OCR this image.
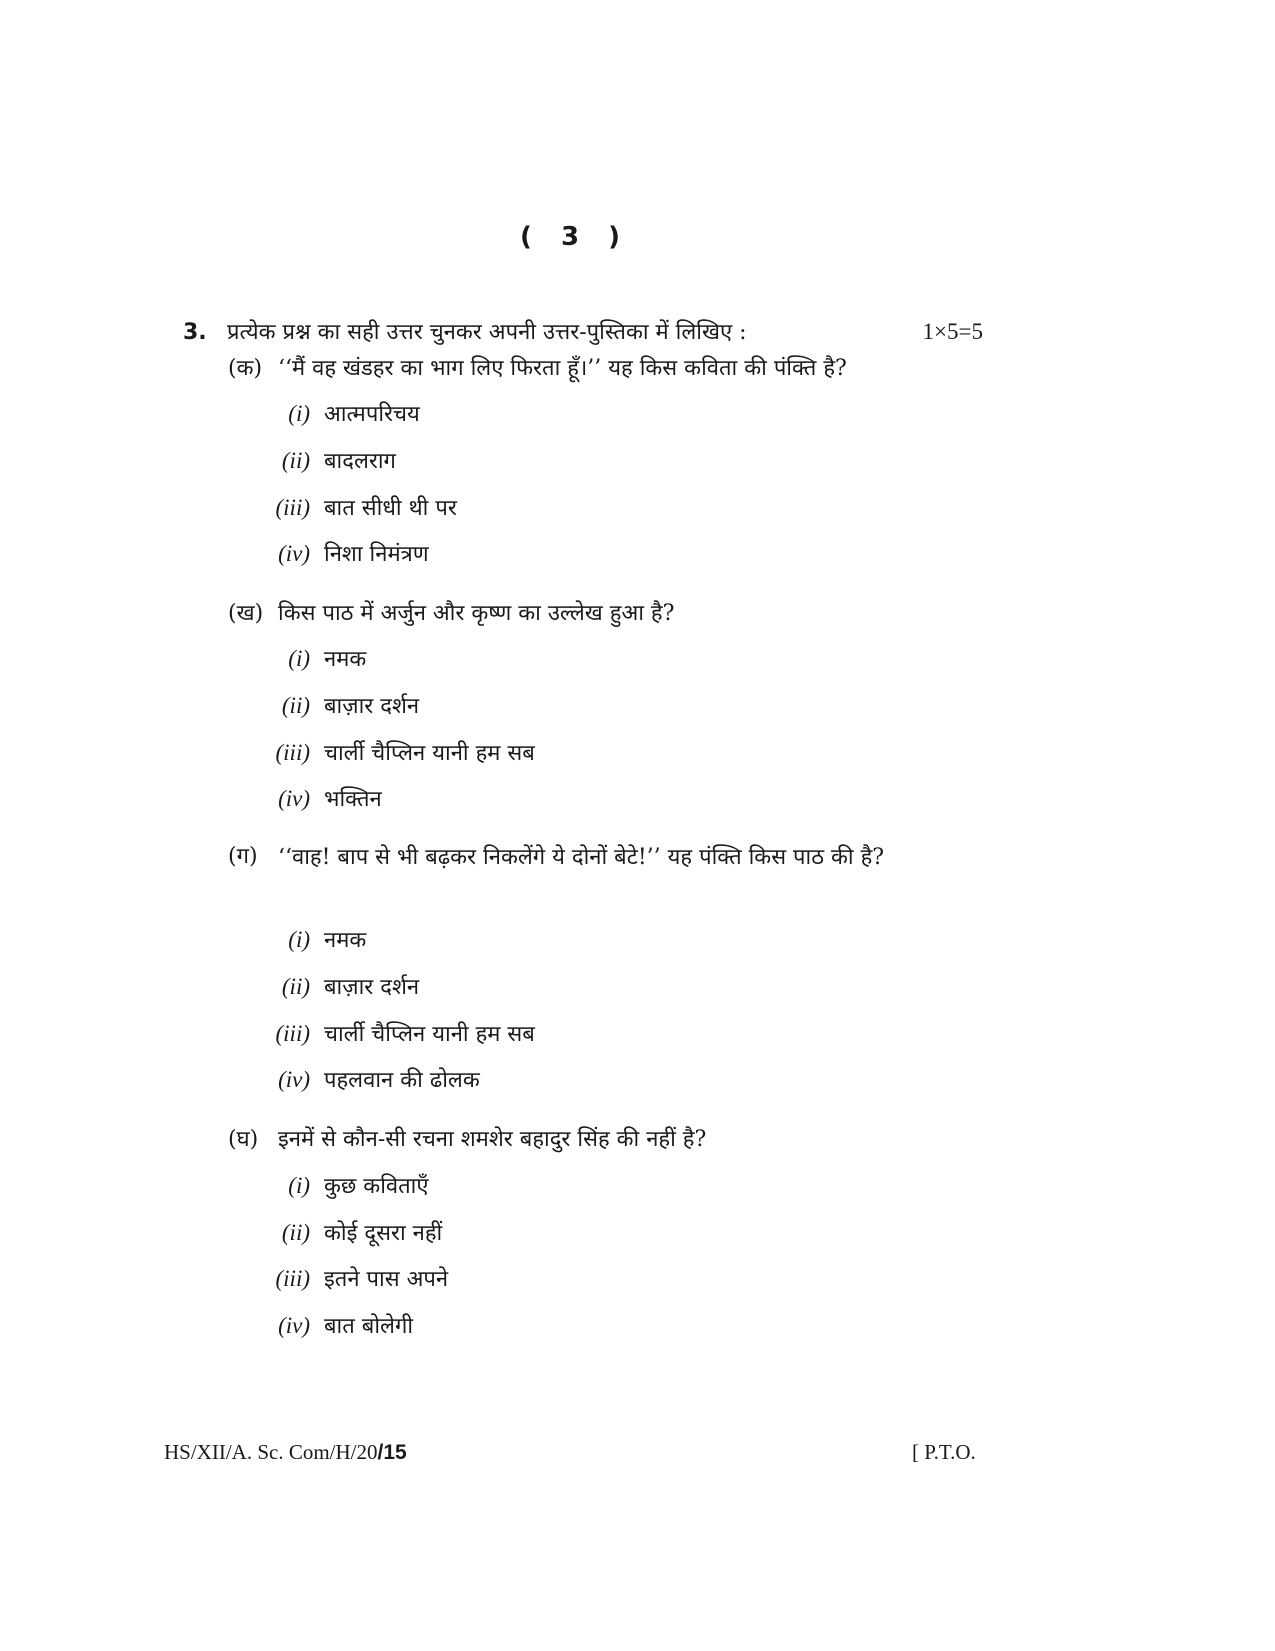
( 3 )
3. प्रत्येक प्रश्न का सही उत्तर चुनकर अपनी उत्तर-पुस्तिका में लिखिए :	1×5=5
(क) ‘‘मैं वह खंडहर का भाग लिए फिरता हूँ।’’ यह किस कविता की पंक्ति है?
(i) आत्मपरिचय
(ii) बादलराग
(iii) बात सीधी थी पर
(iv) निशा निमंत्रण
(ख) किस पाठ में अर्जुन और कृष्ण का उल्लेख हुआ है?
(i) नमक
(ii) बाज़ार दर्शन
(iii) चार्ली चैप्लिन यानी हम सब
(iv) भक्तिन
(ग) ‘‘वाह! बाप से भी बढ़कर निकलेंगे ये दोनों बेटे!’’ यह पंक्ति किस पाठ की है?
(i) नमक
(ii) बाज़ार दर्शन
(iii) चार्ली चैप्लिन यानी हम सब
(iv) पहलवान की ढोलक
(घ) इनमें से कौन-सी रचना शमशेर बहादुर सिंह की नहीं है?
(i) कुछ कविताएँ
(ii) कोई दूसरा नहीं
(iii) इतने पास अपने
(iv) बात बोलेगी
HS/XII/A. Sc. Com/H/20/15	[ P.T.O.
